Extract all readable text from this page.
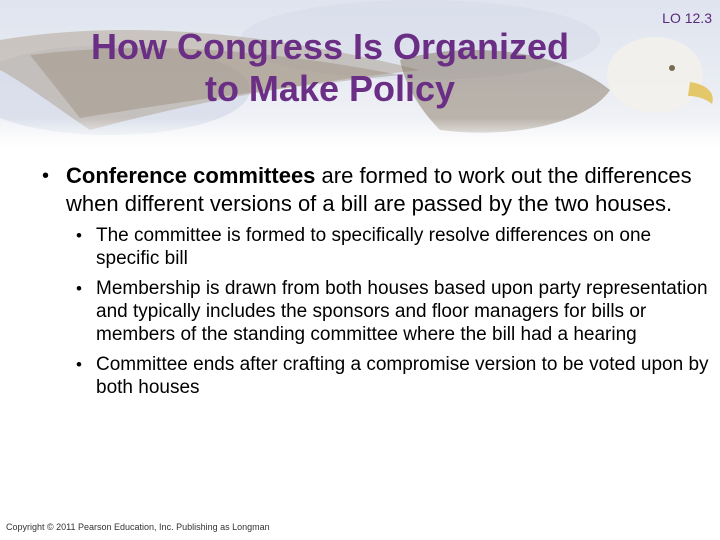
LO 12.3
How Congress Is Organized
to Make Policy

• Conference committees are formed to work out the differences when different versions of a bill are passed by the two houses.

• The committee is formed to specifically resolve differences on one specific bill

• Membership is drawn from both houses based upon party representation and typically includes the sponsors and floor managers for bills or members of the standing committee where the bill had a hearing

• Committee ends after crafting a compromise version to be voted upon by both houses

Copyright © 2011 Pearson Education, Inc. Publishing as Longman
